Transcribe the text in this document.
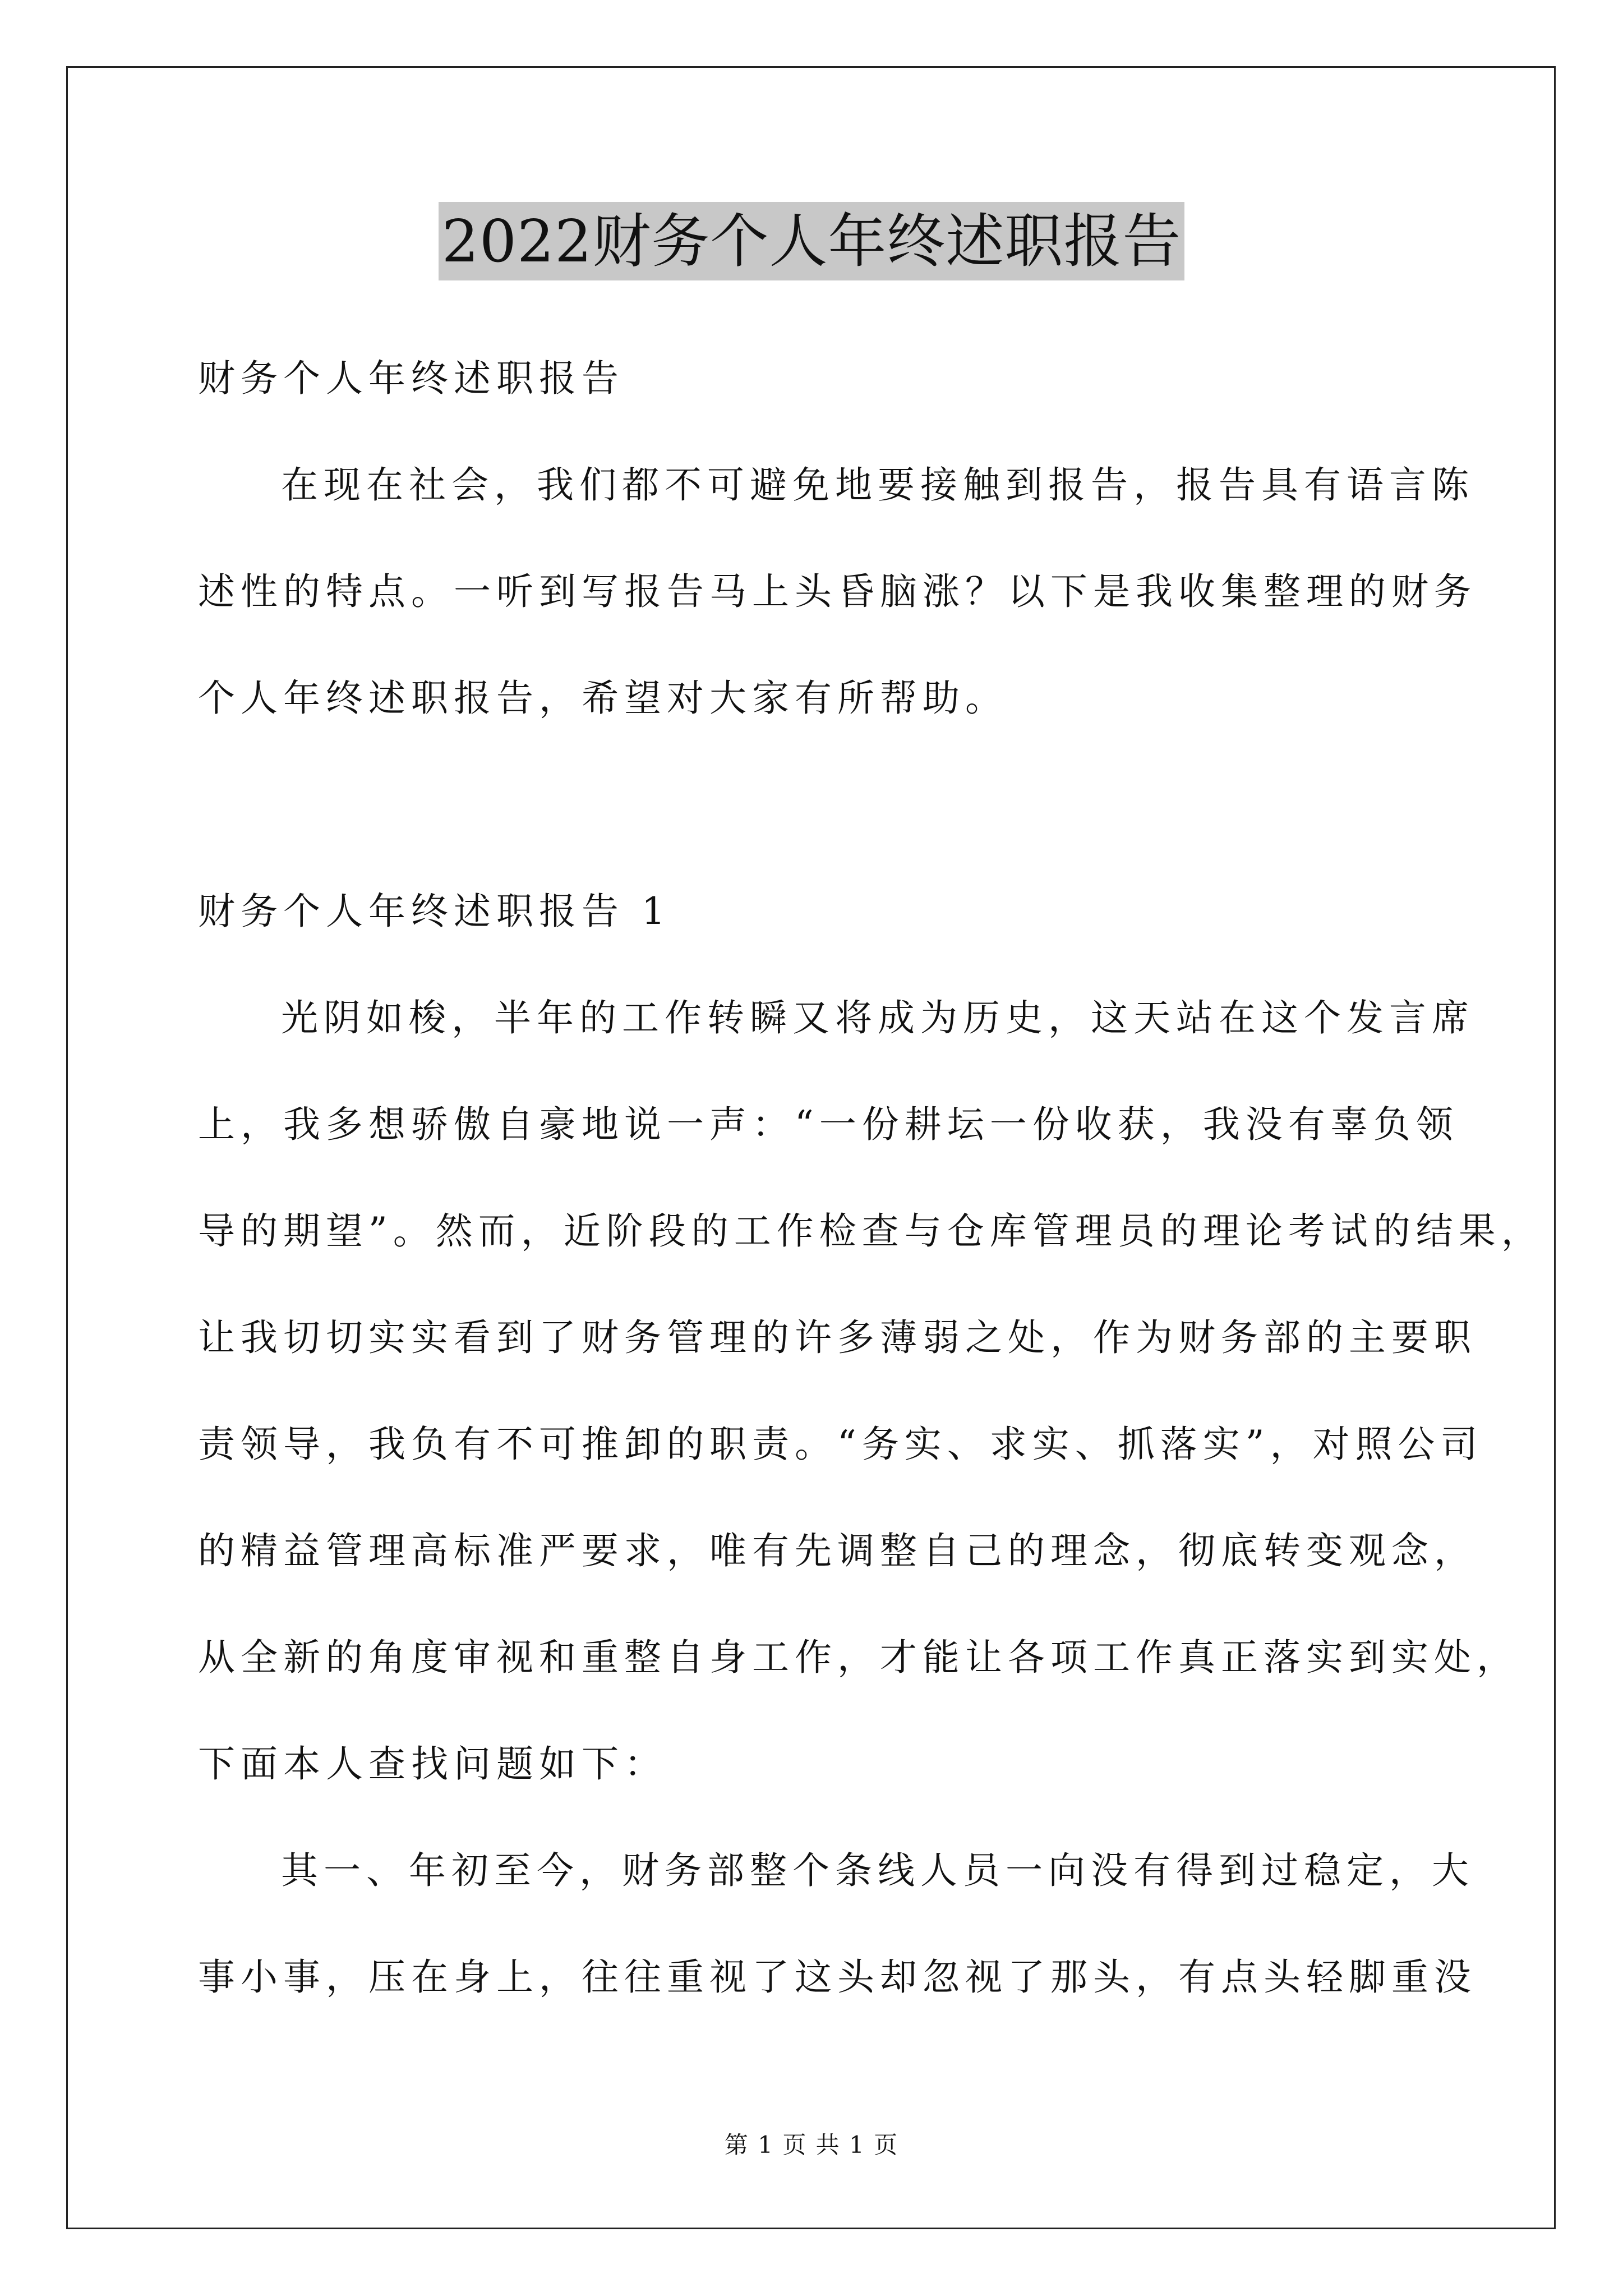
2022财务个人年终述职报告
财务个人年终述职报告
在现在社会，我们都不可避免地要接触到报告，报告具有语言陈
述性的特点。一听到写报告马上头昏脑涨？以下是我收集整理的财务
个人年终述职报告，希望对大家有所帮助。
财务个人年终述职报告 1
光阴如梭，半年的工作转瞬又将成为历史，这天站在这个发言席
上，我多想骄傲自豪地说一声：“一份耕坛一份收获，我没有辜负领
导的期望”。然而，近阶段的工作检查与仓库管理员的理论考试的结果，
让我切切实实看到了财务管理的许多薄弱之处，作为财务部的主要职
责领导，我负有不可推卸的职责。“务实、求实、抓落实”，对照公司
的精益管理高标准严要求，唯有先调整自己的理念，彻底转变观念，
从全新的角度审视和重整自身工作，才能让各项工作真正落实到实处，
下面本人查找问题如下：
其一、年初至今，财务部整个条线人员一向没有得到过稳定，大
事小事，压在身上，往往重视了这头却忽视了那头，有点头轻脚重没
第 1 页 共 1 页
